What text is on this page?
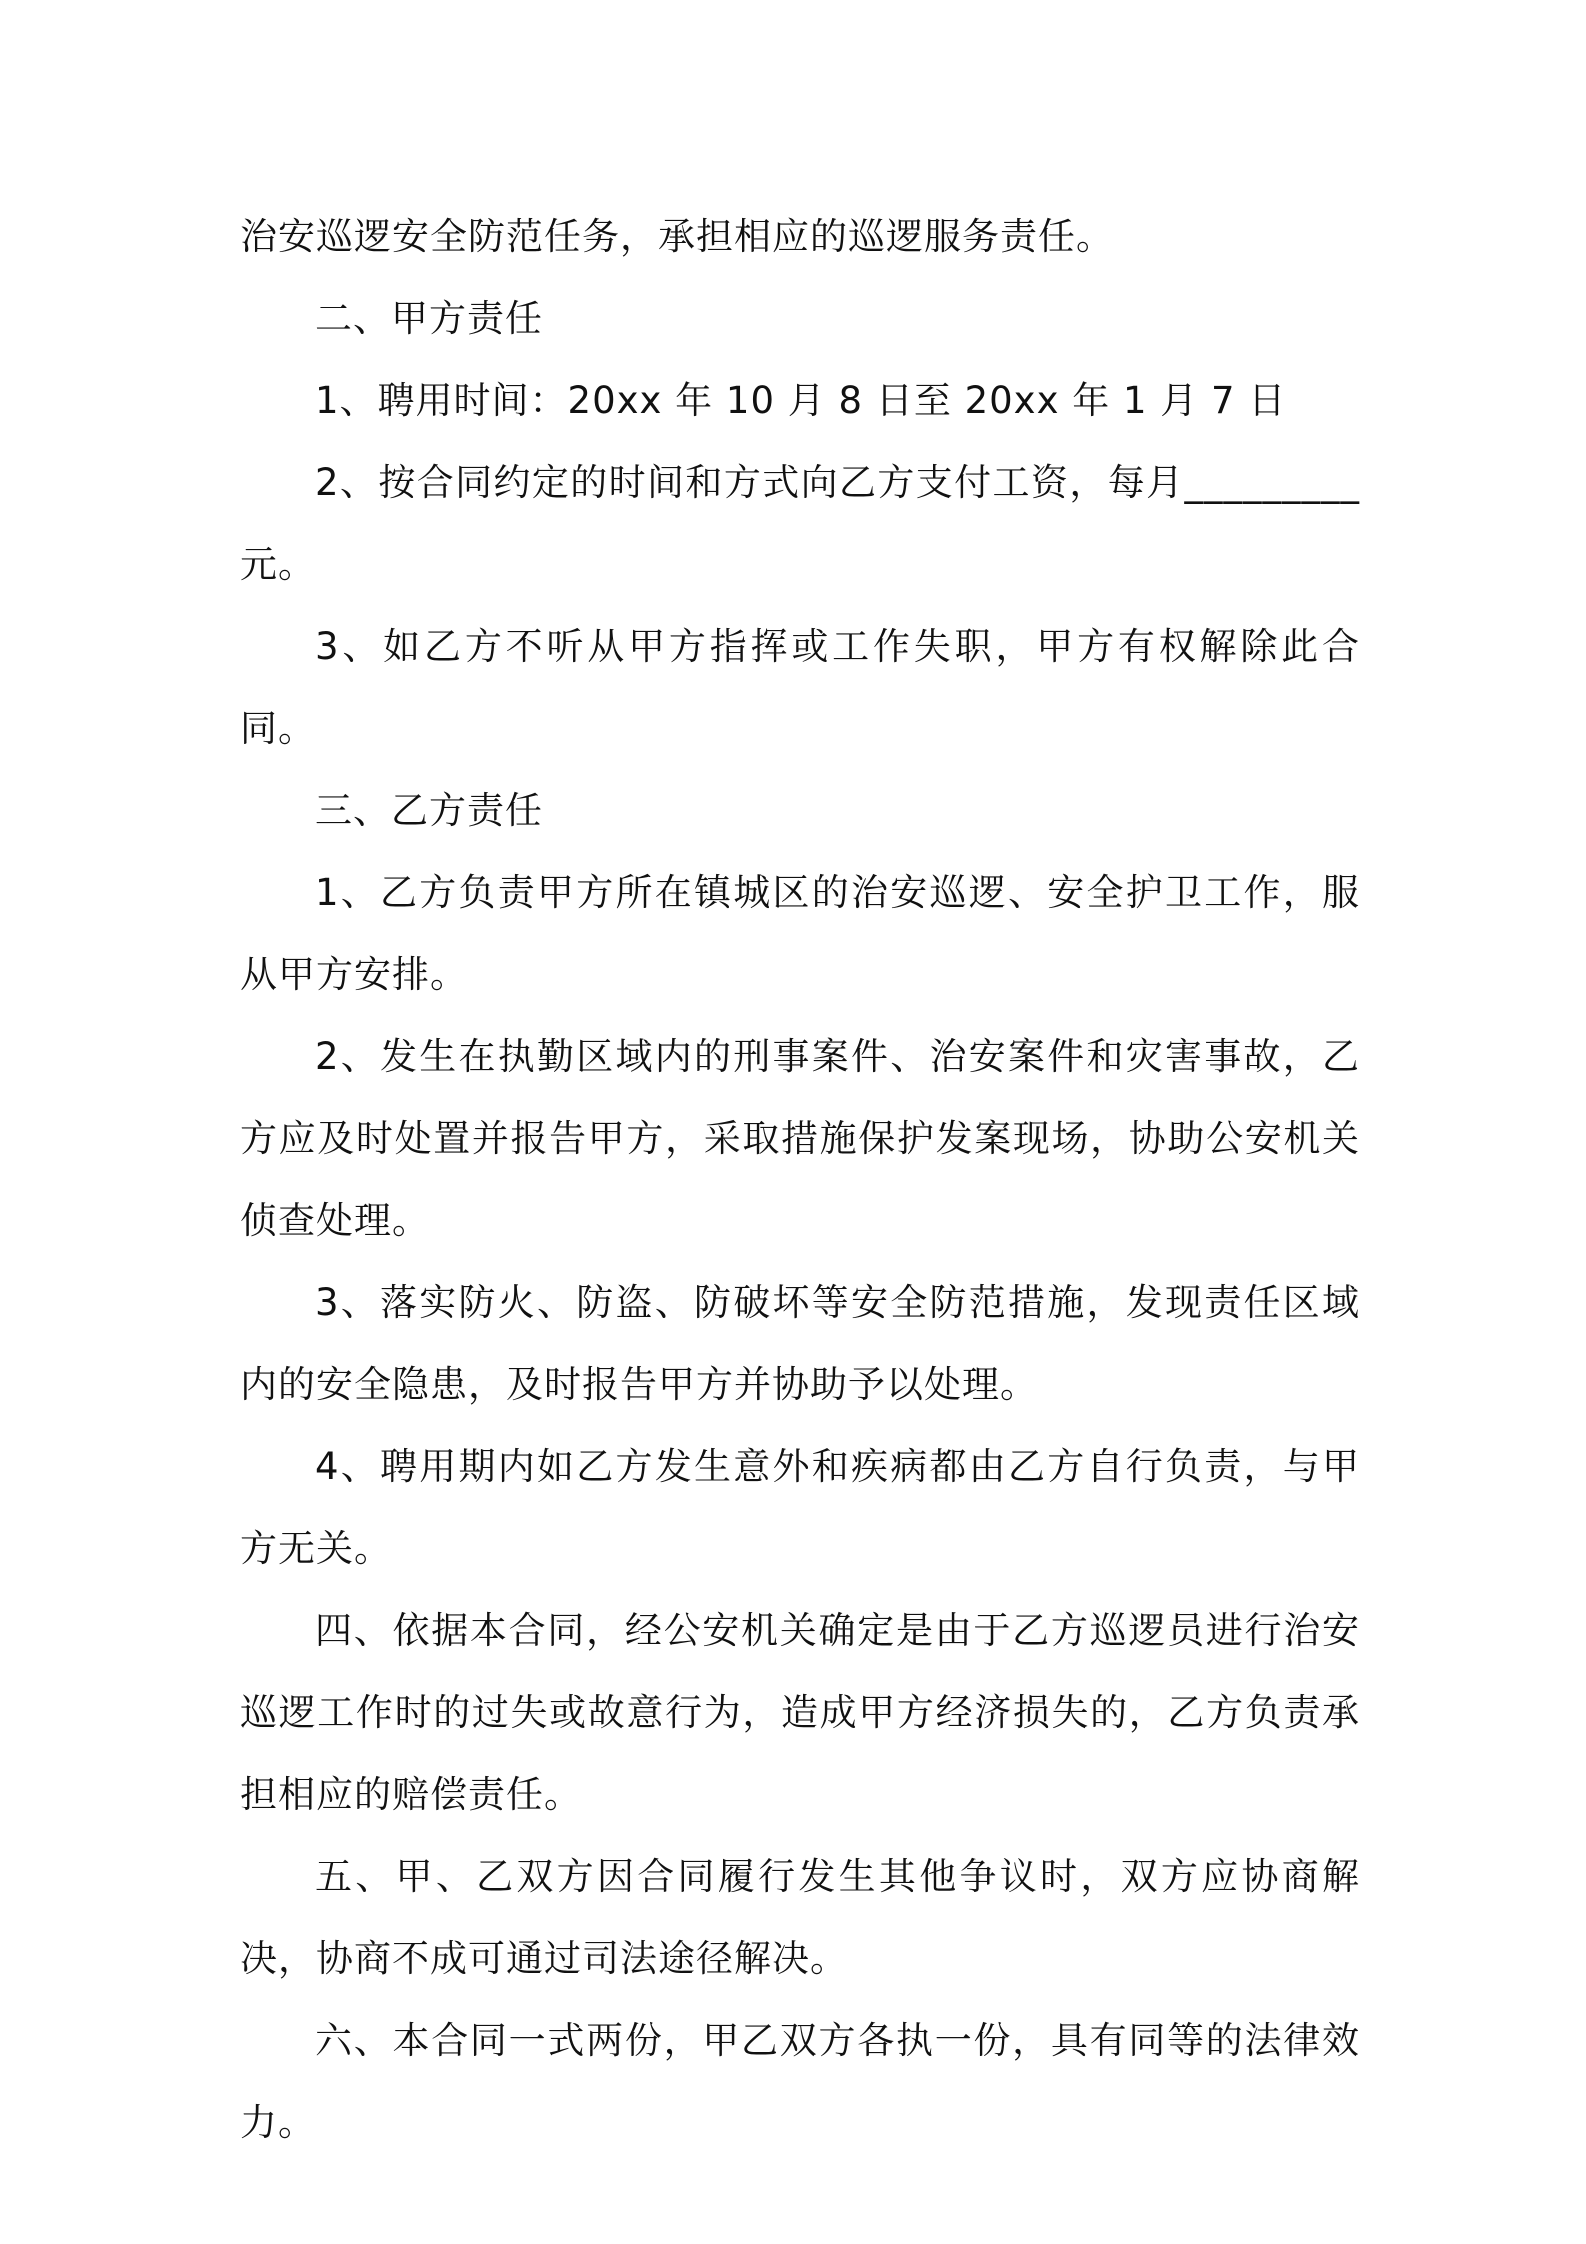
治安巡逻安全防范任务，承担相应的巡逻服务责任。

二、甲方责任

1、聘用时间：20xx 年 10 月 8 日至 20xx 年 1 月 7 日

2、按合同约定的时间和方式向乙方支付工资，每月_________元。

3、如乙方不听从甲方指挥或工作失职，甲方有权解除此合同。

三、乙方责任

1、乙方负责甲方所在镇城区的治安巡逻、安全护卫工作，服从甲方安排。

2、发生在执勤区域内的刑事案件、治安案件和灾害事故，乙方应及时处置并报告甲方，采取措施保护发案现场，协助公安机关侦查处理。

3、落实防火、防盗、防破坏等安全防范措施，发现责任区域内的安全隐患，及时报告甲方并协助予以处理。

4、聘用期内如乙方发生意外和疾病都由乙方自行负责，与甲方无关。

四、依据本合同，经公安机关确定是由于乙方巡逻员进行治安巡逻工作时的过失或故意行为，造成甲方经济损失的，乙方负责承担相应的赔偿责任。

五、甲、乙双方因合同履行发生其他争议时，双方应协商解决，协商不成可通过司法途径解决。

六、本合同一式两份，甲乙双方各执一份，具有同等的法律效力。
